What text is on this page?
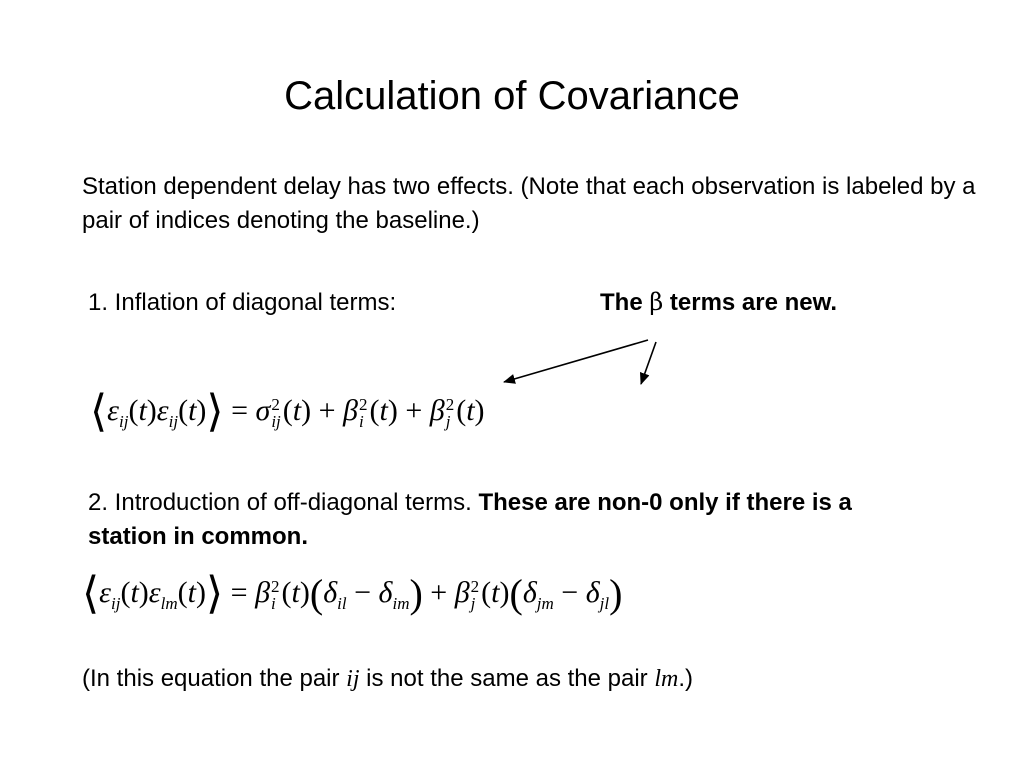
Calculation of Covariance
Station dependent delay has two effects. (Note that each observation is labeled by a pair of indices denoting the baseline.)
1. Inflation of diagonal terms:	The β terms are new.
$⟨\varepsilon_{ij}(t)\varepsilon_{ij}(t)⟩ = \sigma$ 2
ij (t) + β 2
i (t) + β 2
j (t)
2. Introduction of off-diagonal terms. These are non-0 only if there is a station in common.
$⟨\varepsilon_{ij}(t)\varepsilon_{lm}(t)⟩ = \beta$ 2
i $(t)(\delta_{il} - \delta_{im}) + \beta$ 2
j $(t)(\delta_{jm} - \delta_{jl})$
(In this equation the pair ij is not the same as the pair lm.)
